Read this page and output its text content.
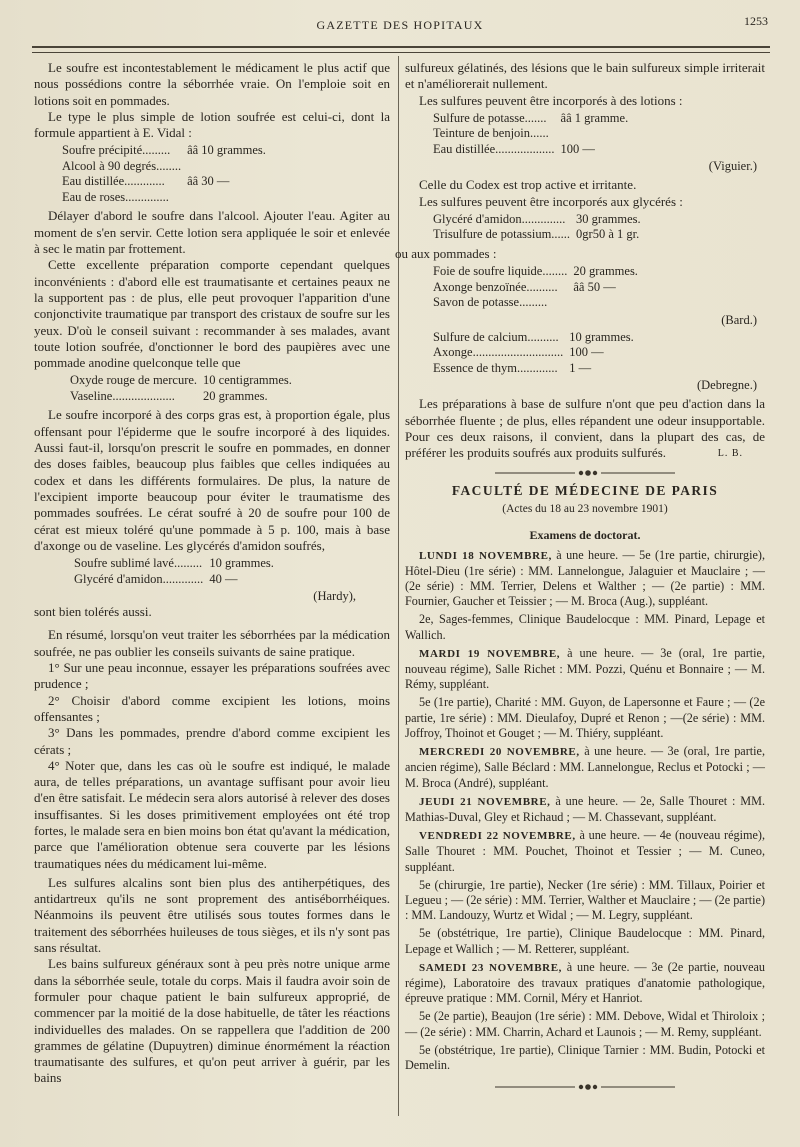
GAZETTE DES HOPITAUX	1253

Le soufre est incontestablement le médicament le plus actif que nous possédions contre la séborrhée vraie. On l'emploie soit en lotions soit en pommades.

Le type le plus simple de lotion soufrée est celui-ci, dont la formule appartient à E. Vidal :

Soufre précipité.........	ââ 10 grammes.
Alcool à 90 degrés........
Eau distillée.............	ââ 30 —
Eau de roses..............

Délayer d'abord le soufre dans l'alcool. Ajouter l'eau. Agiter au moment de s'en servir. Cette lotion sera appliquée le soir et enlevée à sec le matin par frottement.

Cette excellente préparation comporte cependant quelques inconvénients : d'abord elle est traumatisante et certaines peaux ne la supportent pas : de plus, elle peut provoquer l'apparition d'une conjonctivite traumatique par transport des cristaux de soufre sur les yeux. D'où le conseil suivant : recommander à ses malades, avant toute lotion soufrée, d'onctionner le bord des paupières avec une pommade anodine quelconque telle que

Oxyde rouge de mercure. 10 centigrammes.
Vaseline....................	20 grammes.

Le soufre incorporé à des corps gras est, à proportion égale, plus offensant pour l'épiderme que le soufre incorporé à des liquides. Aussi faut-il, lorsqu'on prescrit le soufre en pommades, en donner des doses faibles, beaucoup plus faibles que celles indiquées au codex et dans les différents formulaires. De plus, la nature de l'excipient importe beaucoup pour éviter le traumatisme des pommades soufrées. Le cérat soufré à 20 de soufre pour 100 de cérat est mieux toléré qu'une pommade à 5 p. 100, mais à base d'axonge ou de vaseline. Les glycérés d'amidon soufrés,

Soufre sublimé lavé......... 10 grammes.
Glycéré d'amidon............. 40 —
(Hardy),

sont bien tolérés aussi.

En résumé, lorsqu'on veut traiter les séborrhées par la médication soufrée, ne pas oublier les conseils suivants de saine pratique.

1° Sur une peau inconnue, essayer les préparations soufrées avec prudence ;

2° Choisir d'abord comme excipient les lotions, moins offensantes ;

3° Dans les pommades, prendre d'abord comme excipient les cérats ;

4° Noter que, dans les cas où le soufre est indiqué, le malade aura, de telles préparations, un avantage suffisant pour avoir lieu d'en être satisfait. Le médecin sera alors autorisé à relever des doses insuffisantes. Si les doses primitivement employées ont été trop fortes, le malade sera en bien moins bon état qu'avant la médication, parce que l'amélioration obtenue sera couverte par les lésions traumatiques nées du médicament lui-même.

Les sulfures alcalins sont bien plus des antiherpétiques, des antidartreux qu'ils ne sont proprement des antiséborrhéiques. Néanmoins ils peuvent être utilisés sous toutes formes dans le traitement des séborrhées huileuses de tous sièges, et ils n'y sont pas sans résultat.

Les bains sulfureux généraux sont à peu près notre unique arme dans la séborrhée seule, totale du corps. Mais il faudra avoir soin de formuler pour chaque patient le bain sulfureux approprié, de commencer par la moitié de la dose habituelle, de tâter les réactions individuelles des malades. On se rappellera que l'addition de 200 grammes de gélatine (Dupuytren) diminue énormément la réaction traumatisante des sulfures, et qu'on peut arriver à guérir, par les bains

sulfureux gélatinés, des lésions que le bain sulfureux simple irriterait et n'améliorerait nullement.

Les sulfures peuvent être incorporés à des lotions :

Sulfure de potasse.......	ââ 1 gramme.
Teinture de benjoin......
Eau distillée................... 100 —
(Viguier.)

Celle du Codex est trop active et irritante.

Les sulfures peuvent être incorporés aux glycérés :

Glycéré d'amidon.............. 30 grammes.
Trisulfure de potassium...... 0gr50 à 1 gr.

ou aux pommades :

Foie de soufre liquide........ 20 grammes.
Axonge benzoïnée..........	ââ 50 —
Savon de potasse.........
(Bard.)
Sulfure de calcium.......... 10 grammes.
Axonge............................. 100 —
Essence de thym............. 1 —
(Debregne.)

Les préparations à base de sulfure n'ont que peu d'action dans la séborrhée fluente ; de plus, elles répandent une odeur insupportable. Pour ces deux raisons, il convient, dans la plupart des cas, de préférer les produits soufrés aux produits sulfurés.	L. B.
FACULTÉ DE MÉDECINE DE PARIS
(Actes du 18 au 23 novembre 1901)
Examens de doctorat.

LUNDI 18 NOVEMBRE, à une heure. — 5e (1re partie, chirurgie), Hôtel-Dieu (1re série) : MM. Lannelongue, Jalaguier et Mauclaire ; — (2e série) : MM. Terrier, Delens et Walther ; — (2e partie) : MM. Fournier, Gaucher et Teissier ; — M. Broca (Aug.), suppléant.

2e, Sages-femmes, Clinique Baudelocque : MM. Pinard, Lepage et Wallich.

MARDI 19 NOVEMBRE, à une heure. — 3e (oral, 1re partie, nouveau régime), Salle Richet : MM. Pozzi, Quénu et Bonnaire ; — M. Rémy, suppléant.

5e (1re partie), Charité : MM. Guyon, de Lapersonne et Faure ; — (2e partie, 1re série) : MM. Dieulafoy, Dupré et Renon ; —(2e série) : MM. Joffroy, Thoinot et Gouget ; — M. Thiéry, suppléant.

MERCREDI 20 NOVEMBRE, à une heure. — 3e (oral, 1re partie, ancien régime), Salle Béclard : MM. Lannelongue, Reclus et Potocki ; — M. Broca (André), suppléant.

JEUDI 21 NOVEMBRE, à une heure. — 2e, Salle Thouret : MM. Mathias-Duval, Gley et Richaud ; — M. Chassevant, suppléant.

VENDREDI 22 NOVEMBRE, à une heure. — 4e (nouveau régime), Salle Thouret : MM. Pouchet, Thoinot et Tessier ; — M. Cuneo, suppléant.

5e (chirurgie, 1re partie), Necker (1re série) : MM. Tillaux, Poirier et Legueu ; — (2e série) : MM. Terrier, Walther et Mauclaire ; — (2e partie) : MM. Landouzy, Wurtz et Widal ; — M. Legry, suppléant.

5e (obstétrique, 1re partie), Clinique Baudelocque : MM. Pinard, Lepage et Wallich ; — M. Retterer, suppléant.

SAMEDI 23 NOVEMBRE, à une heure. — 3e (2e partie, nouveau régime), Laboratoire des travaux pratiques d'anatomie pathologique, épreuve pratique : MM. Cornil, Méry et Hanriot.

5e (2e partie), Beaujon (1re série) : MM. Debove, Widal et Thiroloix ; — (2e série) : MM. Charrin, Achard et Launois ; — M. Remy, suppléant.

5e (obstétrique, 1re partie), Clinique Tarnier : MM. Budin, Potocki et Demelin.
